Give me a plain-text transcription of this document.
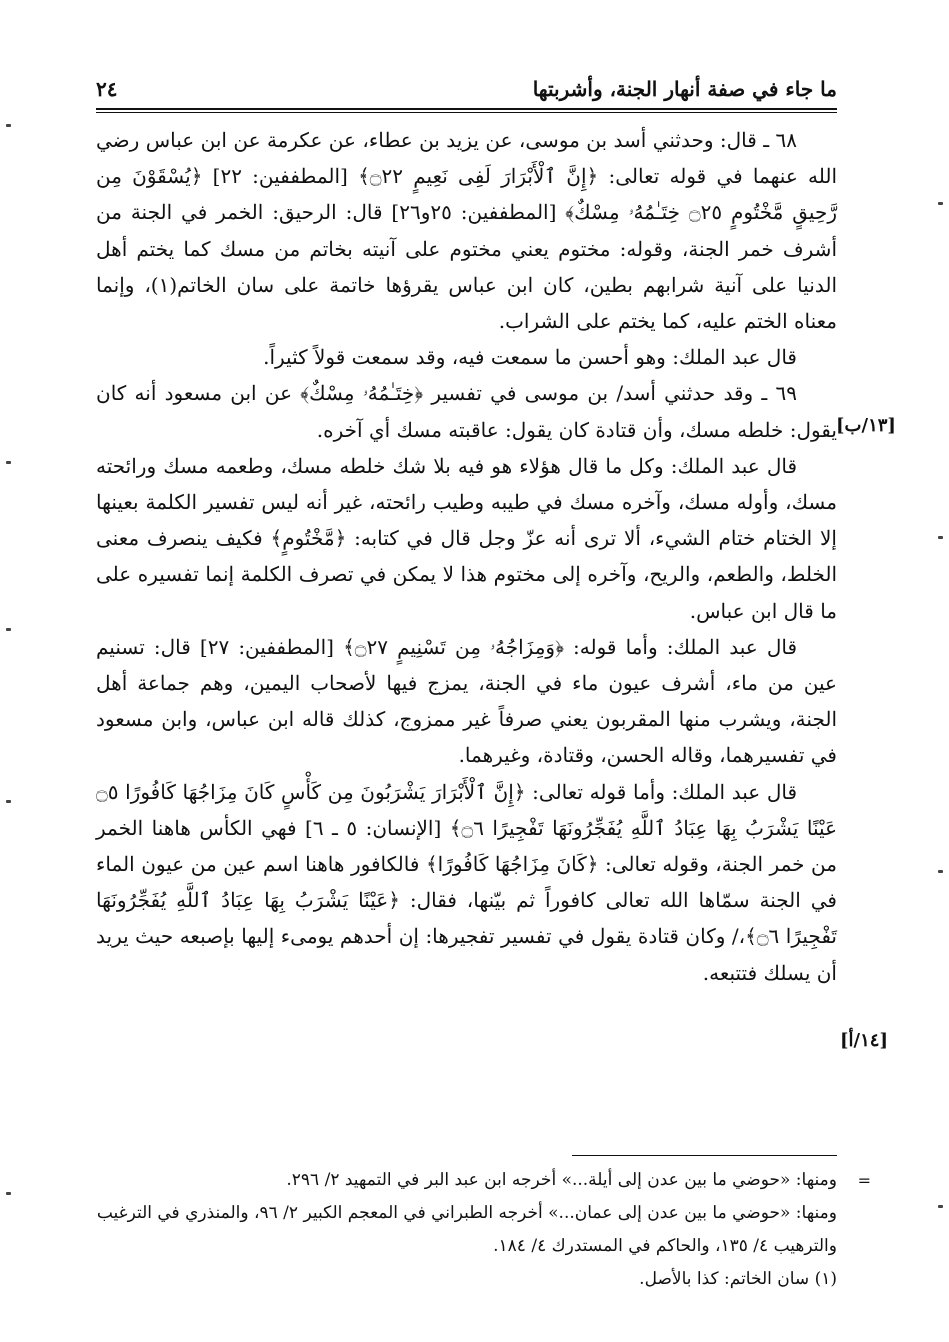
ما جاء في صفة أنهار الجنة، وأشربتها
٢٤

٦٨ ـ قال: وحدثني أسد بن موسى، عن يزيد بن عطاء، عن عكرمة عن ابن عباس رضي الله عنهما في قوله تعالى: ﴿إِنَّ ٱلْأَبْرَارَ لَفِى نَعِيمٍ ۝٢٢﴾ [المطففين: ٢٢] ﴿يُسْقَوْنَ مِن رَّحِيقٍ مَّخْتُومٍ ۝٢٥ خِتَـٰمُهُۥ مِسْكٌ﴾ [المطففين: ٢٥و٢٦] قال: الرحيق: الخمر في الجنة من أشرف خمر الجنة، وقوله: مختوم يعني مختوم على آنيته بخاتم من مسك كما يختم أهل الدنيا على آنية شرابهم بطين، كان ابن عباس يقرؤها خاتمة على سان الخاتم(١)، وإنما معناه الختم عليه، كما يختم على الشراب.

قال عبد الملك: وهو أحسن ما سمعت فيه، وقد سمعت قولاً كثيراً.

٦٩ ـ وقد حدثني أسد/ بن موسى في تفسير ﴿خِتَـٰمُهُۥ مِسْكٌ﴾ عن ابن مسعود أنه كان يقول: خلطه مسك، وأن قتادة كان يقول: عاقبته مسك أي آخره.

قال عبد الملك: وكل ما قال هؤلاء هو فيه بلا شك خلطه مسك، وطعمه مسك ورائحته مسك، وأوله مسك، وآخره مسك في طيبه وطيب رائحته، غير أنه ليس تفسير الكلمة بعينها إلا الختام ختام الشيء، ألا ترى أنه عزّ وجل قال في كتابه: ﴿مَّخْتُومٍ﴾ فكيف ينصرف معنى الخلط، والطعم، والريح، وآخره إلى مختوم هذا لا يمكن في تصرف الكلمة إنما تفسيره على ما قال ابن عباس.

قال عبد الملك: وأما قوله: ﴿وَمِزَاجُهُۥ مِن تَسْنِيمٍ ۝٢٧﴾ [المطففين: ٢٧] قال: تسنيم عين من ماء، أشرف عيون ماء في الجنة، يمزج فيها لأصحاب اليمين، وهم جماعة أهل الجنة، ويشرب منها المقربون يعني صرفاً غير ممزوج، كذلك قاله ابن عباس، وابن مسعود في تفسيرهما، وقاله الحسن، وقتادة، وغيرهما.

قال عبد الملك: وأما قوله تعالى: ﴿إِنَّ ٱلْأَبْرَارَ يَشْرَبُونَ مِن كَأْسٍ كَانَ مِزَاجُهَا كَافُورًا ۝٥ عَيْنًا يَشْرَبُ بِهَا عِبَادُ ٱللَّهِ يُفَجِّرُونَهَا تَفْجِيرًا ۝٦﴾ [الإنسان: ٥ ـ ٦] فهي الكأس هاهنا الخمر من خمر الجنة، وقوله تعالى: ﴿كَانَ مِزَاجُهَا كَافُورًا﴾ فالكافور هاهنا اسم عين من عيون الماء في الجنة سمّاها الله تعالى كافوراً ثم بيّنها، فقال: ﴿عَيْنًا يَشْرَبُ بِهَا عِبَادُ ٱللَّهِ يُفَجِّرُونَهَا تَفْجِيرًا ۝٦﴾،/ وكان قتادة يقول في تفسير تفجيرها: إن أحدهم يومىء إليها بإصبعه حيث يريد أن يسلك فتتبعه.

[١٣/ب]
[١٤/أ]
=

ومنها: «حوضي ما بين عدن إلى أيلة...» أخرجه ابن عبد البر في التمهيد ٢/ ٢٩٦.

ومنها: «حوضي ما بين عدن إلى عمان...» أخرجه الطبراني في المعجم الكبير ٢/ ٩٦، والمنذري في الترغيب والترهيب ٤/ ١٣٥، والحاكم في المستدرك ٤/ ١٨٤.

(١) سان الخاتم: كذا بالأصل.
